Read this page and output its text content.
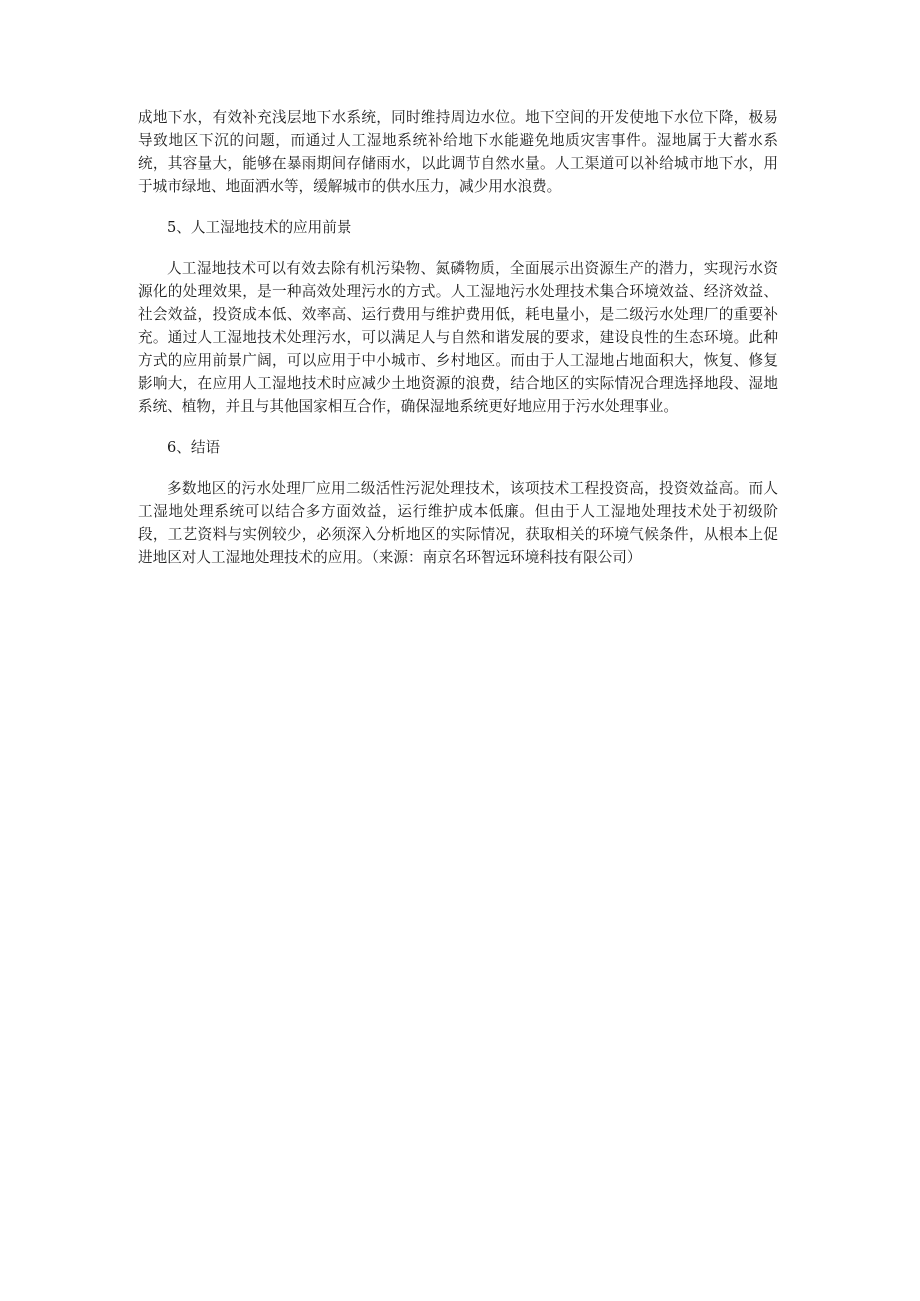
成地下水，有效补充浅层地下水系统，同时维持周边水位。地下空间的开发使地下水位下降，极易导致地区下沉的问题，而通过人工湿地系统补给地下水能避免地质灾害事件。湿地属于大蓄水系统，其容量大，能够在暴雨期间存储雨水，以此调节自然水量。人工渠道可以补给城市地下水，用于城市绿地、地面洒水等，缓解城市的供水压力，减少用水浪费。

5、人工湿地技术的应用前景

人工湿地技术可以有效去除有机污染物、氮磷物质，全面展示出资源生产的潜力，实现污水资源化的处理效果，是一种高效处理污水的方式。人工湿地污水处理技术集合环境效益、经济效益、社会效益，投资成本低、效率高、运行费用与维护费用低，耗电量小，是二级污水处理厂的重要补充。通过人工湿地技术处理污水，可以满足人与自然和谐发展的要求，建设良性的生态环境。此种方式的应用前景广阔，可以应用于中小城市、乡村地区。而由于人工湿地占地面积大，恢复、修复影响大，在应用人工湿地技术时应减少土地资源的浪费，结合地区的实际情况合理选择地段、湿地系统、植物，并且与其他国家相互合作，确保湿地系统更好地应用于污水处理事业。

6、结语

多数地区的污水处理厂应用二级活性污泥处理技术，该项技术工程投资高，投资效益高。而人工湿地处理系统可以结合多方面效益，运行维护成本低廉。但由于人工湿地处理技术处于初级阶段，工艺资料与实例较少，必须深入分析地区的实际情况，获取相关的环境气候条件，从根本上促进地区对人工湿地处理技术的应用。（来源：南京名环智远环境科技有限公司）
